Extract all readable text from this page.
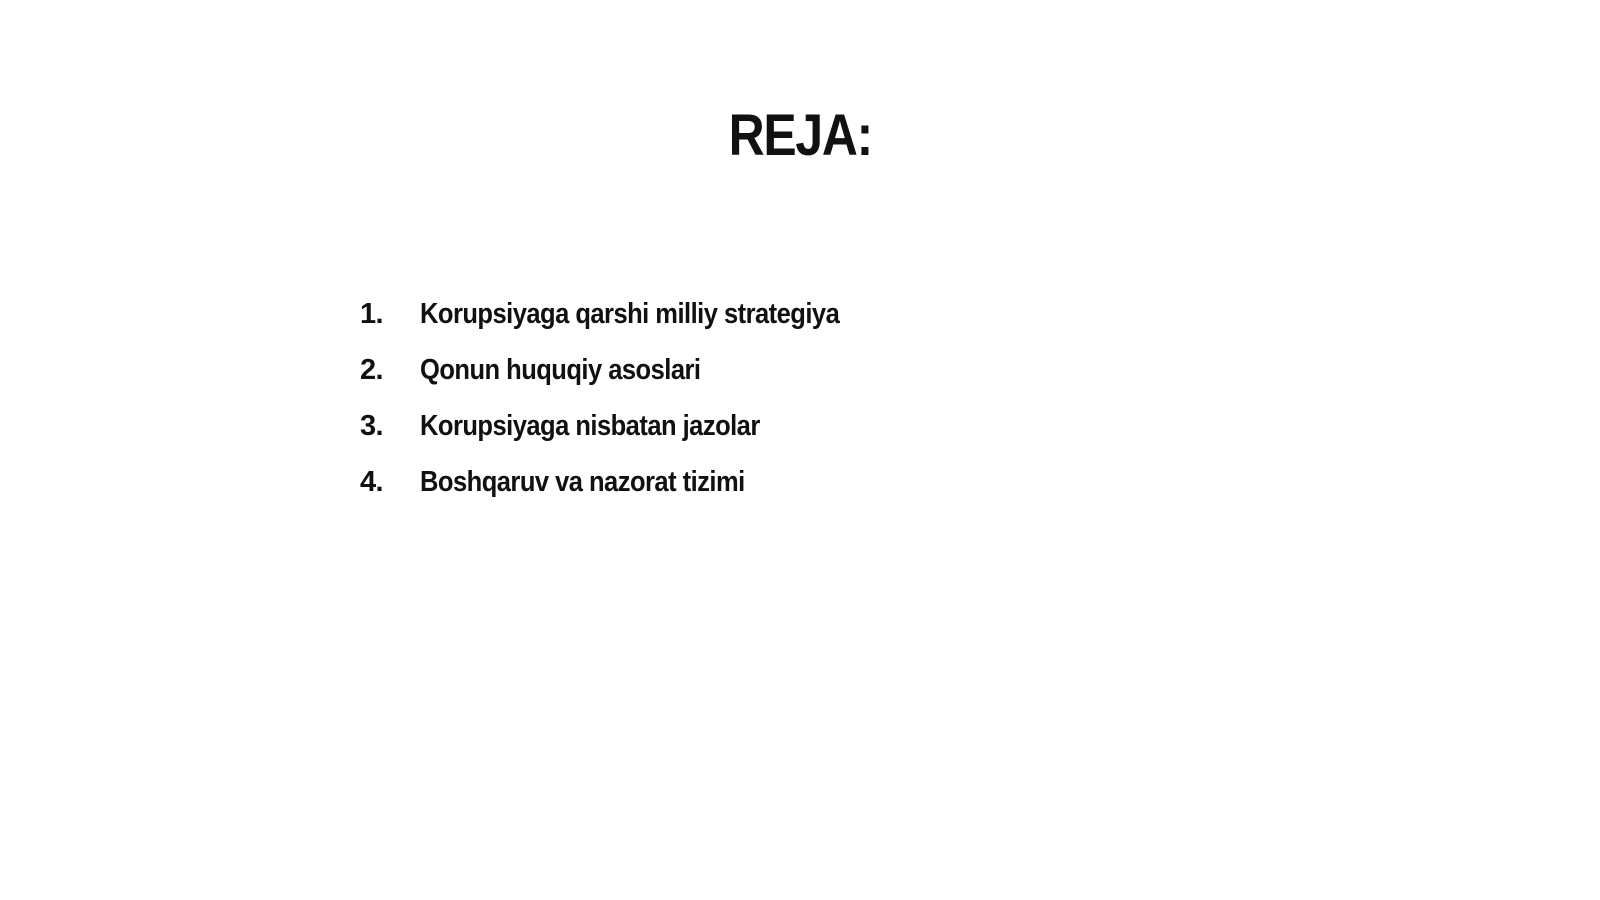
REJA:
1.	Korupsiyaga qarshi milliy strategiya
2.	Qonun huquqiy asoslari
3.	Korupsiyaga nisbatan jazolar
4.	Boshqaruv va nazorat tizimi
